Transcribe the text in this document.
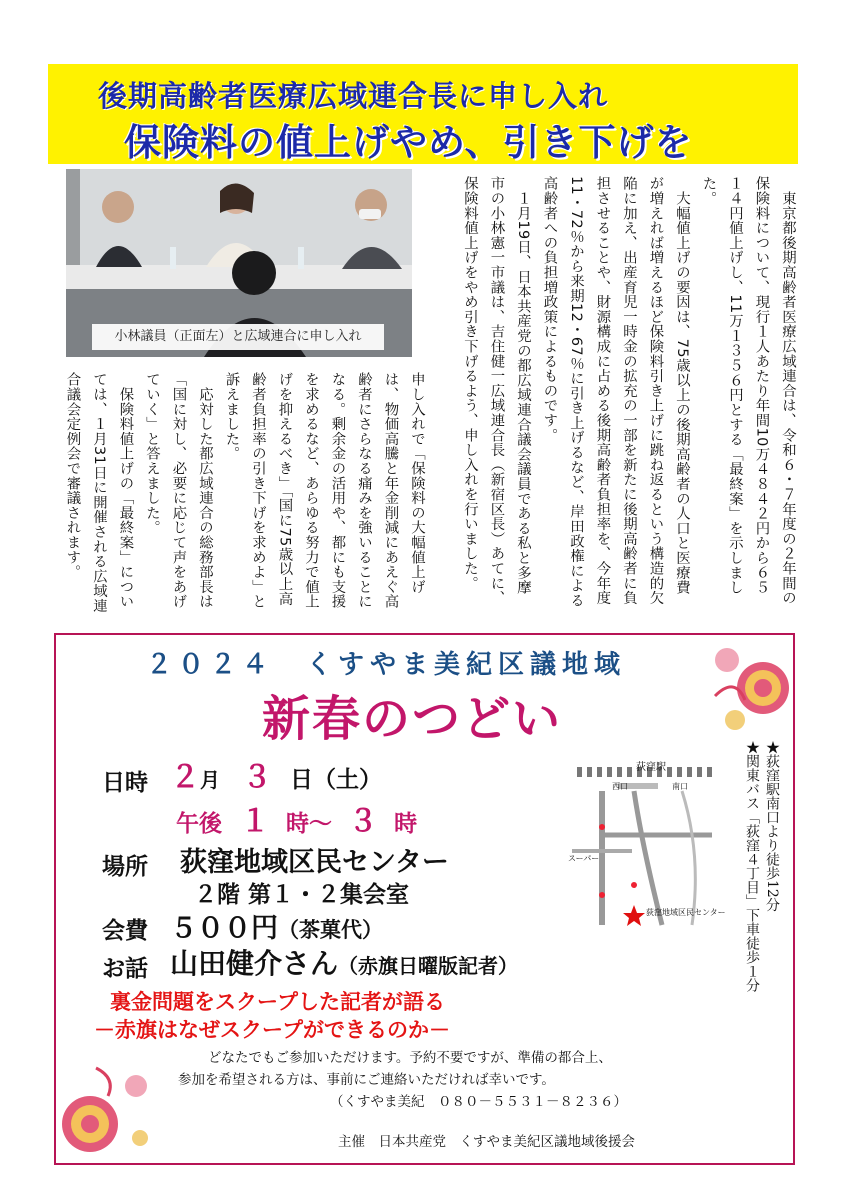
後期高齢者医療広域連合長に申し入れ
保険料の値上げやめ、引き下げを
小林議員（正面左）と広域連合に申し入れ	　東京都後期高齢者医療広域連合は、令和６・７年度の２年間の保険料について、現行１人あたり年間10万４８４２円から６５１４円値上げし、11万１３５６円とする「最終案」を示しました。

　大幅値上げの要因は、75歳以上の後期高齢者の人口と医療費が増えれば増えるほど保険料引き上げに跳ね返るという構造的欠陥に加え、出産育児一時金の拡充の一部を新たに後期高齢者に負担させることや、財源構成に占める後期高齢者負担率を、今年度11・72％から来期12・67％に引き上げるなど、岸田政権による高齢者への負担増政策によるものです。

　１月19日、日本共産党の都広域連合議会議員である私と多摩市の小林憲一市議は、吉住健一広域連合長（新宿区長）あてに、保険料値上げをやめ引き下げるよう、申し入れを行いました。

申し入れで「保険料の大幅値上げは、物価高騰と年金削減にあえぐ高齢者にさらなる痛みを強いることになる。剰余金の活用や、都にも支援を求めるなど、あらゆる努力で値上げを抑えるべき」「国に75歳以上高齢者負担率の引き下げを求めよ」と訴えました。

　応対した都広域連合の総務部長は「国に対し、必要に応じて声をあげていく」と答えました。

　保険料値上げの「最終案」については、１月31日に開催される広域連合議会定例会で審議されます。

２０２４　くすやま美紀区議地域
新春のつどい
日時 ２月 ３ 日（土）
午後 １ 時～ ３ 時
場所 荻窪地域区民センター
２階 第１・２集会室
会費 ５００円（茶菓代）
お話 山田健介さん（赤旗日曜版記者）
裏金問題をスクープした記者が語る
－赤旗はなぜスクープができるのか－
どなたでもご参加いただけます。予約不要ですが、準備の都合上、
参加を希望される方は、事前にご連絡いただければ幸いです。
（くすやま美紀　０８０－５５３１－８２３６）
主催　日本共産党　くすやま美紀区議地域後援会
★荻窪駅南口より徒歩12分
★関東バス「荻窪４丁目」下車徒歩１分
荻窪駅
西口	南口
スーパー
荻窪地域区民センター
